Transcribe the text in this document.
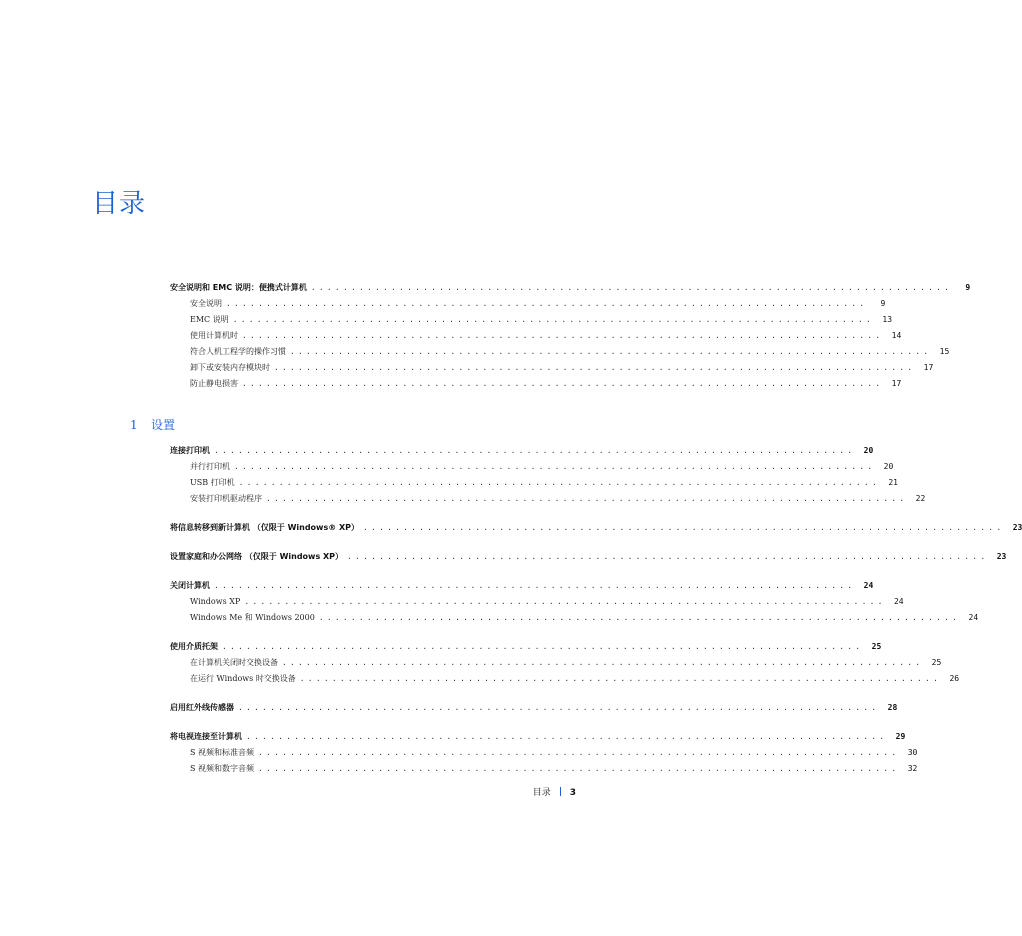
目录
安全说明和 EMC 说明：便携式计算机 ................................................................................	9
安全说明 ................................................................................	9
EMC 说明 ................................................................................	13
使用计算机时 ................................................................................	14
符合人机工程学的操作习惯 ................................................................................	15
卸下或安装内存模块时 ................................................................................	17
防止静电损害 ................................................................................	17
1 设置
连接打印机 ................................................................................	20
并行打印机 ................................................................................	20
USB 打印机 ................................................................................	21
安装打印机驱动程序 ................................................................................	22
将信息转移到新计算机 （仅限于 Windows® XP） ................................................................................	23
设置家庭和办公网络 （仅限于 Windows XP） ................................................................................	23
关闭计算机 ................................................................................	24
Windows XP ................................................................................	24
Windows Me 和 Windows 2000 ................................................................................	24
使用介质托架 ................................................................................	25
在计算机关闭时交换设备 ................................................................................	25
在运行 Windows 时交换设备 ................................................................................	26
启用红外线传感器 ................................................................................	28
将电视连接至计算机 ................................................................................	29
S 视频和标准音频 ................................................................................	30
S 视频和数字音频 ................................................................................	32
目录 3
